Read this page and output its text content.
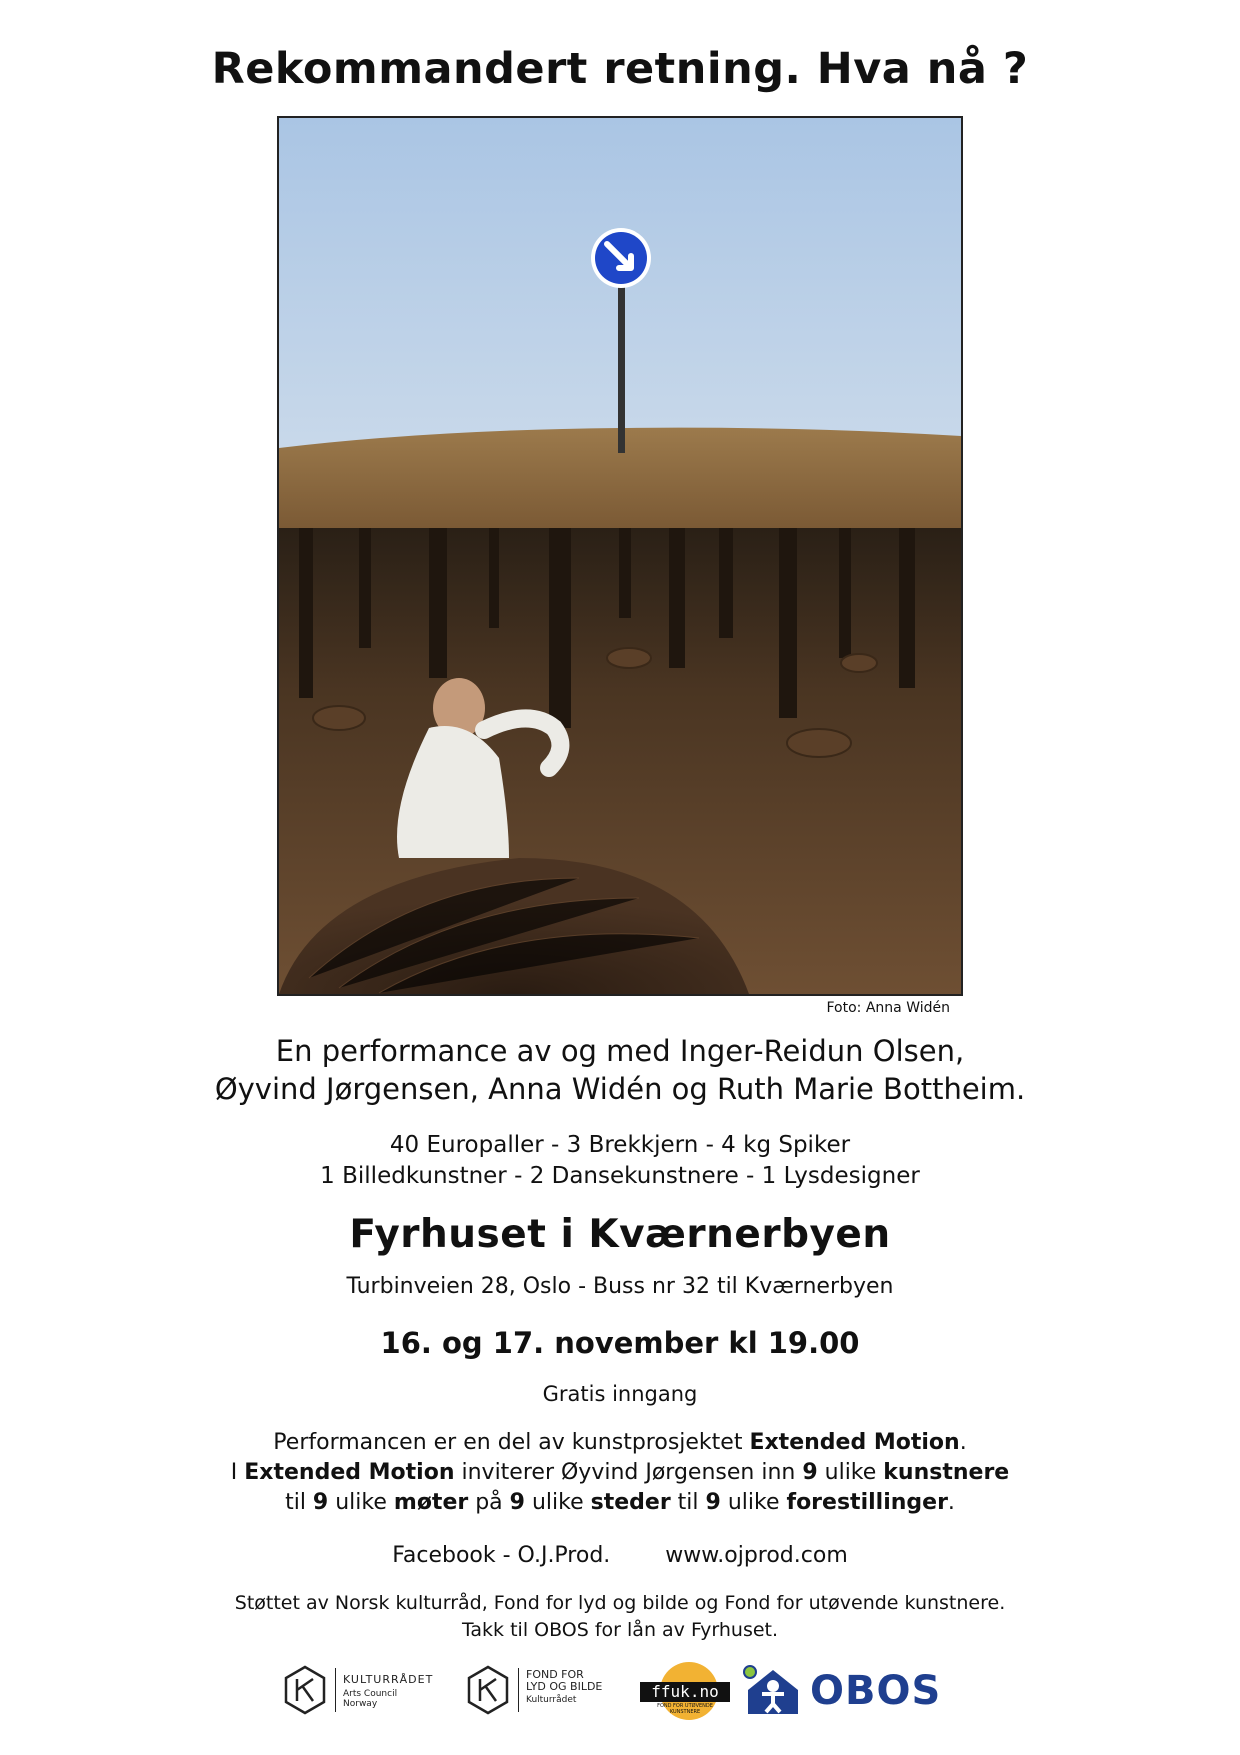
Rekommandert retning. Hva nå ?
Foto: Anna Widén
En performance av og med Inger-Reidun Olsen,
Øyvind Jørgensen, Anna Widén og Ruth Marie Bottheim.
40 Europaller - 3 Brekkjern - 4 kg Spiker
1 Billedkunstner - 2 Dansekunstnere - 1 Lysdesigner
Fyrhuset i Kværnerbyen
Turbinveien 28, Oslo - Buss nr 32 til Kværnerbyen
16. og 17. november kl 19.00
Gratis inngang
Performancen er en del av kunstprosjektet Extended Motion.
I Extended Motion inviterer Øyvind Jørgensen inn 9 ulike kunstnere
til 9 ulike møter på 9 ulike steder til 9 ulike forestillinger.
Facebook - O.J.Prod.	www.ojprod.com
Støttet av Norsk kulturråd, Fond for lyd og bilde og Fond for utøvende kunstnere.
Takk til OBOS for lån av Fyrhuset.
KULTURRÅDET
Arts Council
Norway
FOND FOR
LYD OG BILDE
Kulturrådet	ffuk.no
FOND FOR UTØVENDE KUNSTNERE	OBOS
